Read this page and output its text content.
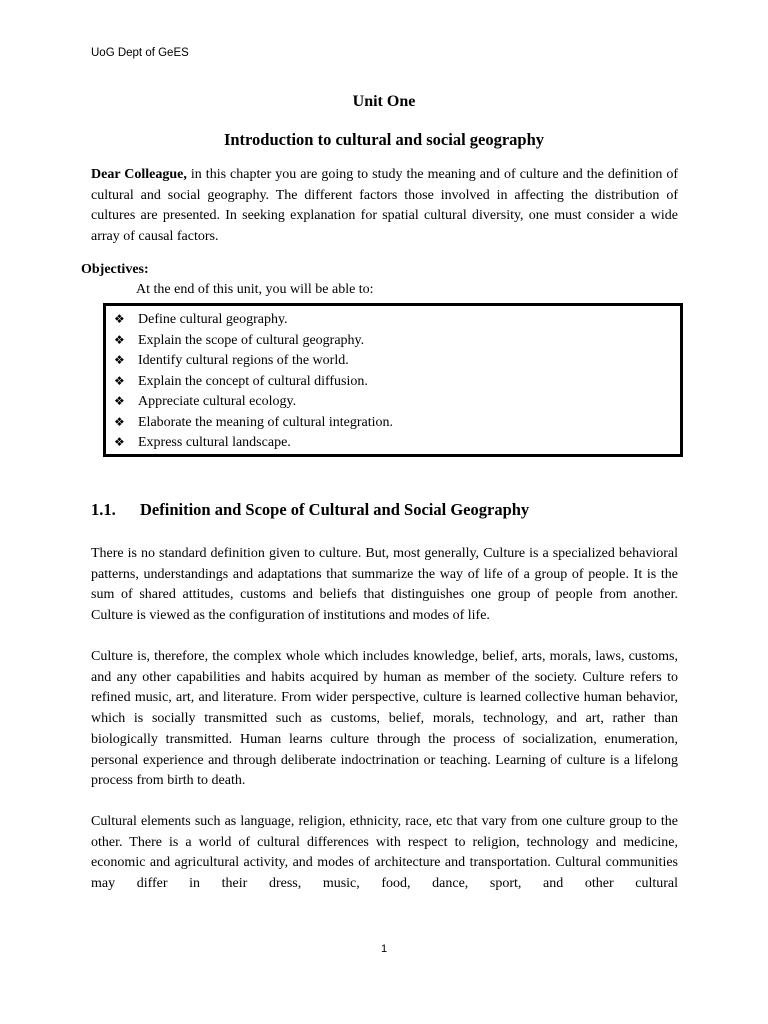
UoG Dept of GeES
Unit One
Introduction to cultural and social geography
Dear Colleague, in this chapter you are going to study the meaning and of culture and the definition of cultural and social geography. The different factors those involved in affecting the distribution of cultures are presented. In seeking explanation for spatial cultural diversity, one must consider a wide array of causal factors.
Objectives:
At the end of this unit, you will be able to:
❖ Define cultural geography.
❖ Explain the scope of cultural geography.
❖ Identify cultural regions of the world.
❖ Explain the concept of cultural diffusion.
❖ Appreciate cultural ecology.
❖ Elaborate the meaning of cultural integration.
❖ Express cultural landscape.
1.1. Definition and Scope of Cultural and Social Geography
There is no standard definition given to culture. But, most generally, Culture is a specialized behavioral patterns, understandings and adaptations that summarize the way of life of a group of people. It is the sum of shared attitudes, customs and beliefs that distinguishes one group of people from another. Culture is viewed as the configuration of institutions and modes of life.
Culture is, therefore, the complex whole which includes knowledge, belief, arts, morals, laws, customs, and any other capabilities and habits acquired by human as member of the society. Culture refers to refined music, art, and literature. From wider perspective, culture is learned collective human behavior, which is socially transmitted such as customs, belief, morals, technology, and art, rather than biologically transmitted. Human learns culture through the process of socialization, enumeration, personal experience and through deliberate indoctrination or teaching. Learning of culture is a lifelong process from birth to death.
Cultural elements such as language, religion, ethnicity, race, etc that vary from one culture group to the other. There is a world of cultural differences with respect to religion, technology and medicine, economic and agricultural activity, and modes of architecture and transportation. Cultural communities may differ in their dress, music, food, dance, sport, and other cultural
1
